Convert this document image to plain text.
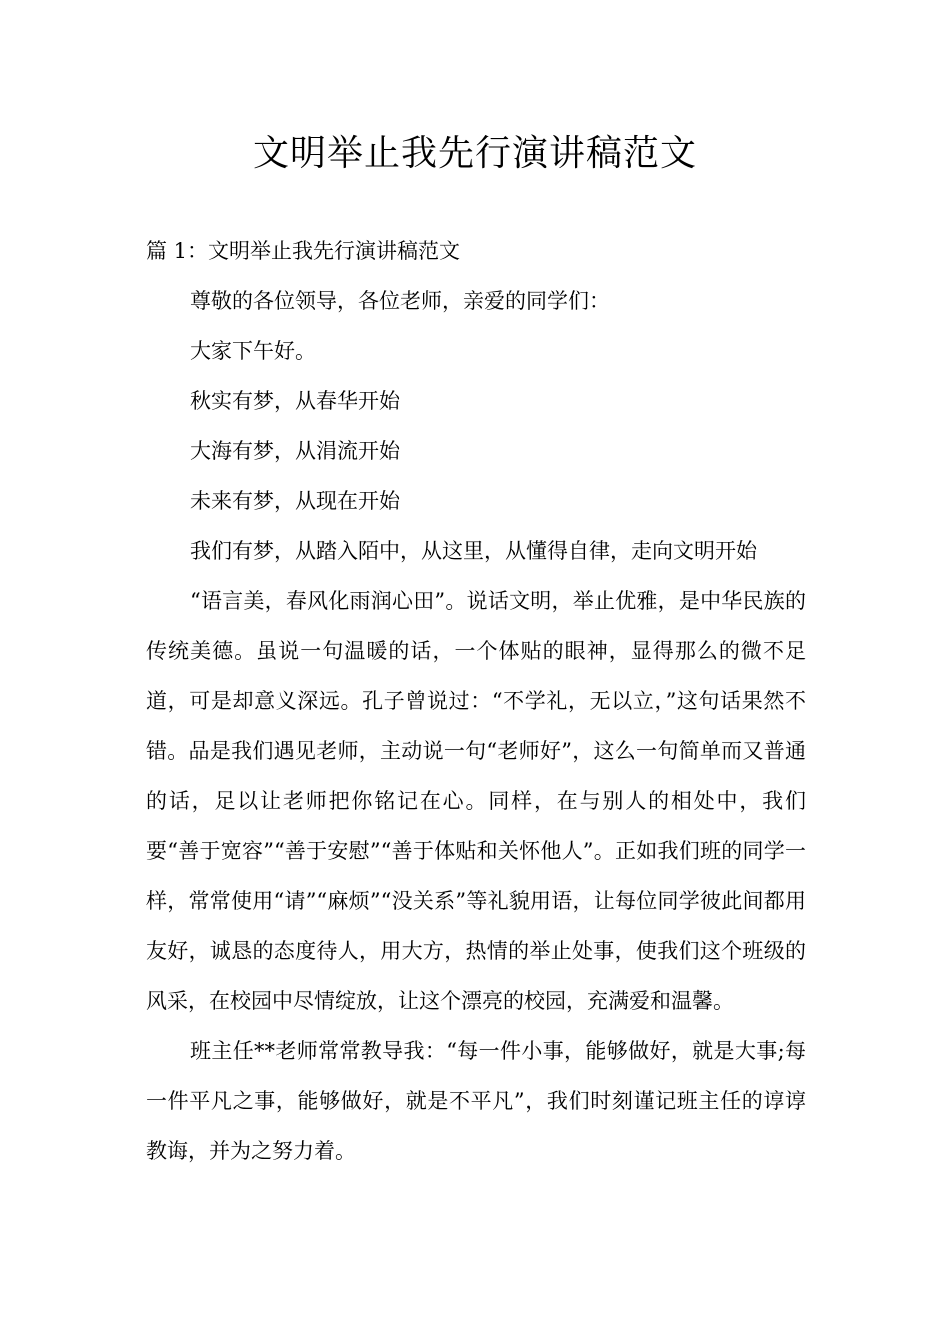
文明举止我先行演讲稿范文

篇 1：文明举止我先行演讲稿范文

尊敬的各位领导，各位老师，亲爱的同学们：

大家下午好。

秋实有梦，从春华开始

大海有梦，从涓流开始

未来有梦，从现在开始

我们有梦，从踏入陌中，从这里，从懂得自律，走向文明开始

“语言美，春风化雨润心田”。说话文明，举止优雅，是中华民族的传统美德。虽说一句温暖的话，一个体贴的眼神，显得那么的微不足道，可是却意义深远。孔子曾说过：“不学礼，无以立，”这句话果然不错。品是我们遇见老师，主动说一句“老师好”，这么一句简单而又普通的话，足以让老师把你铭记在心。同样，在与别人的相处中，我们要“善于宽容”“善于安慰”“善于体贴和关怀他人”。正如我们班的同学一样，常常使用“请”“麻烦”“没关系”等礼貌用语，让每位同学彼此间都用友好，诚恳的态度待人，用大方，热情的举止处事，使我们这个班级的风采，在校园中尽情绽放，让这个漂亮的校园，充满爱和温馨。

班主任**老师常常教导我：“每一件小事，能够做好，就是大事;每一件平凡之事，能够做好，就是不平凡”，我们时刻谨记班主任的谆谆教诲，并为之努力着。
